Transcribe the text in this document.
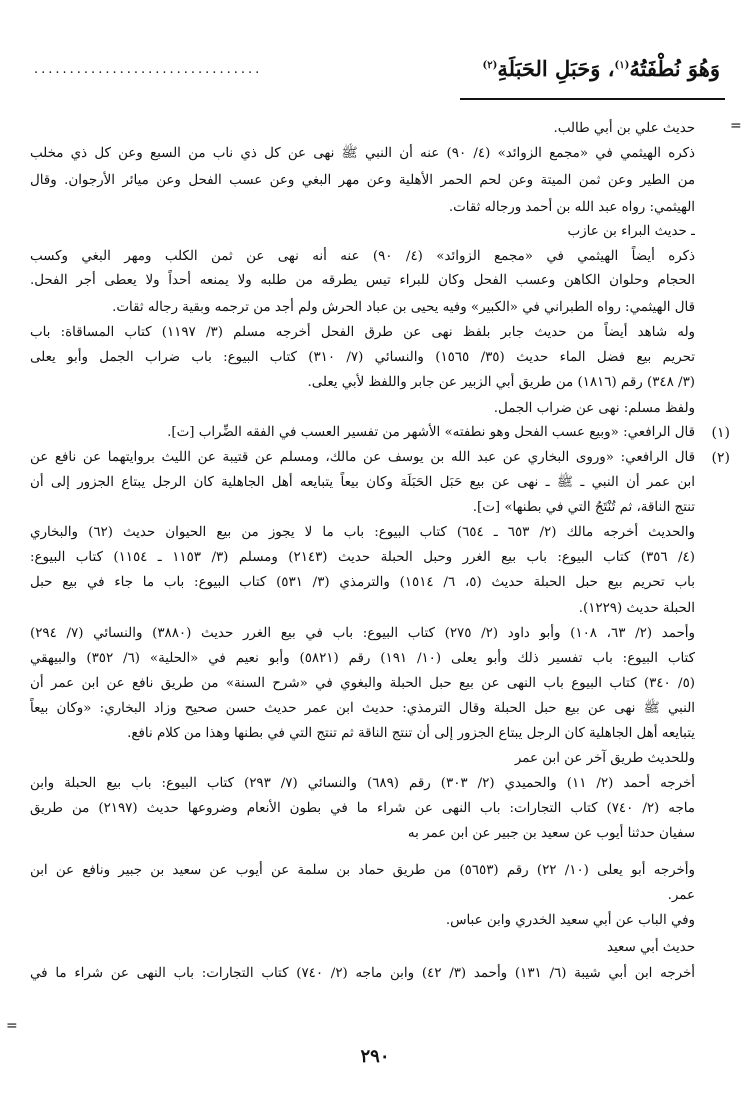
وَهُوَ نُطْفَتُهُ$^{(١)}$، وَحَبَلِ الحَبَلَةِ$^{(٢)}$
................................
=
=
حديث علي بن أبي طالب.
ذكره الهيثمي في «مجمع الزوائد» (٤/ ٩٠) عنه أن النبي ﷺ نهى عن كل ذي ناب من السبع وعن كل ذي مخلب
من الطير وعن ثمن الميتة وعن لحم الحمر الأهلية وعن مهر البغي وعن عسب الفحل وعن ميائر الأرجوان. وقال
الهيثمي: رواه عبد الله بن أحمد ورجاله ثقات.
ـ حديث البراء بن عازب
ذكره أيضاً الهيثمي في «مجمع الزوائد» (٤/ ٩٠) عنه أنه نهى عن ثمن الكلب ومهر البغي وكسب
الحجام وحلوان الكاهن وعسب الفحل وكان للبراء تيس يطرقه من طلبه ولا يمنعه أحداً ولا يعطى أجر الفحل.
قال الهيثمي: رواه الطبراني في «الكبير» وفيه يحيى بن عباد الحرش ولم أجد من ترجمه وبقية رجاله ثقات.
وله شاهد أيضاً من حديث جابر بلفظ نهى عن طرق الفحل أخرجه مسلم (٣/ ١١٩٧) كتاب المساقاة: باب
تحريم بيع فضل الماء حديث (٣٥/ ١٥٦٥) والنسائي (٧/ ٣١٠) كتاب البيوع: باب ضراب الجمل وأبو يعلى
(٣/ ٣٤٨) رقم (١٨١٦) من طريق أبي الزبير عن جابر واللفظ لأبي يعلى.
ولفظ مسلم: نهى عن ضراب الجمل.
(١)
قال الرافعي: «وبيع عسب الفحل وهو نطفته» الأشهر من تفسير العسب في الفقه الضِّراب [ت].
(٢)
قال الرافعي: «وروى البخاري عن عبد الله بن يوسف عن مالك، ومسلم عن قتيبة عن الليث بروايتهما عن نافع عن
ابن عمر أن النبي ـ ﷺ ـ نهى عن بيع حَبَل الحَبَلَة وكان بيعاً يتبايعه أهل الجاهلية كان الرجل يبتاع الجزور إلى أن
تنتج الناقة، ثم تُنْتَجُ التي في بطنها» [ت].
والحديث أخرجه مالك (٢/ ٦٥٣ ـ ٦٥٤) كتاب البيوع: باب ما لا يجوز من بيع الحيوان حديث (٦٢) والبخاري
(٤/ ٣٥٦) كتاب البيوع: باب بيع الغرر وحبل الحبلة حديث (٢١٤٣) ومسلم (٣/ ١١٥٣ ـ ١١٥٤) كتاب البيوع:
باب تحريم بيع حبل الحبلة حديث (٥، ٦/ ١٥١٤) والترمذي (٣/ ٥٣١) كتاب البيوع: باب ما جاء في بيع حبل
الحبلة حديث (١٢٢٩).
وأحمد (٢/ ٦٣، ١٠٨) وأبو داود (٢/ ٢٧٥) كتاب البيوع: باب في بيع الغرر حديث (٣٨٨٠) والنسائي (٧/ ٢٩٤)
كتاب البيوع: باب تفسير ذلك وأبو يعلى (١٠/ ١٩١) رقم (٥٨٢١) وأبو نعيم في «الحلية» (٦/ ٣٥٢) والبيهقي
(٥/ ٣٤٠) كتاب البيوع باب النهى عن بيع حبل الحبلة والبغوي في «شرح السنة» من طريق نافع عن ابن عمر أن
النبي ﷺ نهى عن بيع حبل الحبلة وقال الترمذي: حديث ابن عمر حديث حسن صحيح وزاد البخاري: «وكان بيعاً
يتبايعه أهل الجاهلية كان الرجل يبتاع الجزور إلى أن تنتج الناقة ثم تنتج التي في بطنها وهذا من كلام نافع.
وللحديث طريق آخر عن ابن عمر
أخرجه أحمد (٢/ ١١) والحميدي (٢/ ٣٠٣) رقم (٦٨٩) والنسائي (٧/ ٢٩٣) كتاب البيوع: باب بيع الحبلة وابن
ماجه (٢/ ٧٤٠) كتاب التجارات: باب النهى عن شراء ما في بطون الأنعام وضروعها حديث (٢١٩٧) من طريق
سفيان حدثنا أيوب عن سعيد بن جبير عن ابن عمر به
وأخرجه أبو يعلى (١٠/ ٢٢) رقم (٥٦٥٣) من طريق حماد بن سلمة عن أيوب عن سعيد بن جبير ونافع عن ابن
عمر.
وفي الباب عن أبي سعيد الخدري وابن عباس.
حديث أبي سعيد
أخرجه ابن أبي شيبة (٦/ ١٣١) وأحمد (٣/ ٤٢) وابن ماجه (٢/ ٧٤٠) كتاب التجارات: باب النهى عن شراء ما في
٢٩٠
